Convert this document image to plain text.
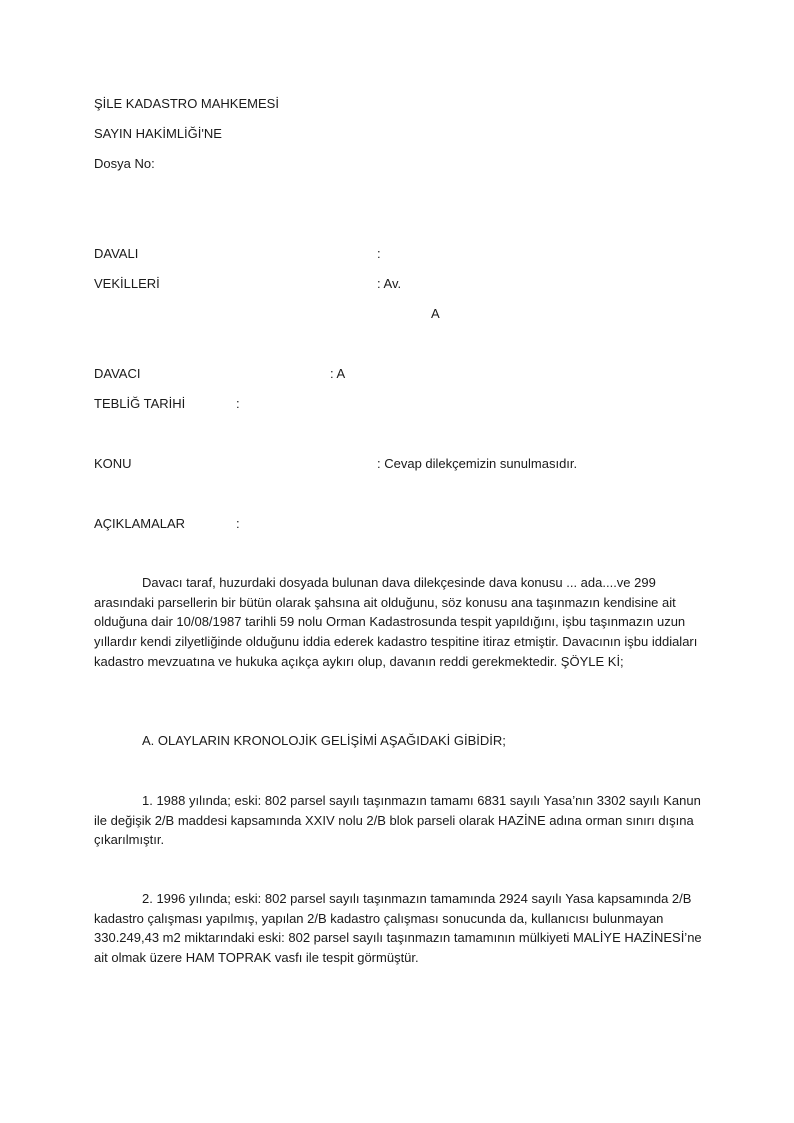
ŞİLE KADASTRO MAHKEMESİ
SAYIN HAKİMLİĞİ'NE
Dosya No:
DAVALI	:
VEKİLLERİ	: Av.
A
DAVACI	: A
TEBLİĞ TARİHİ	:
KONU	: Cevap dilekçemizin sunulmasıdır.
AÇIKLAMALAR	:
Davacı taraf, huzurdaki dosyada bulunan dava dilekçesinde dava konusu ... ada....ve 299 arasındaki parsellerin bir bütün olarak şahsına ait olduğunu, söz konusu ana taşınmazın kendisine ait olduğuna dair 10/08/1987 tarihli 59 nolu Orman Kadastrosunda tespit yapıldığını, işbu taşınmazın uzun yıllardır kendi zilyetliğinde olduğunu iddia ederek kadastro tespitine itiraz etmiştir. Davacının işbu iddiaları kadastro mevzuatına ve hukuka açıkça aykırı olup, davanın reddi gerekmektedir. ŞÖYLE Kİ;
A. OLAYLARIN KRONOLOJİK GELİŞİMİ AŞAĞIDAKİ GİBİDİR;
1. 1988 yılında; eski: 802 parsel sayılı taşınmazın tamamı 6831 sayılı Yasa’nın 3302 sayılı Kanun ile değişik 2/B maddesi kapsamında XXIV nolu 2/B blok parseli olarak HAZİNE adına orman sınırı dışına çıkarılmıştır.
2. 1996 yılında; eski: 802 parsel sayılı taşınmazın tamamında 2924 sayılı Yasa kapsamında 2/B kadastro çalışması yapılmış, yapılan 2/B kadastro çalışması sonucunda da, kullanıcısı bulunmayan 330.249,43 m2 miktarındaki eski: 802 parsel sayılı taşınmazın tamamının mülkiyeti MALİYE HAZİNESİ’ne ait olmak üzere HAM TOPRAK vasfı ile tespit görmüştür.
